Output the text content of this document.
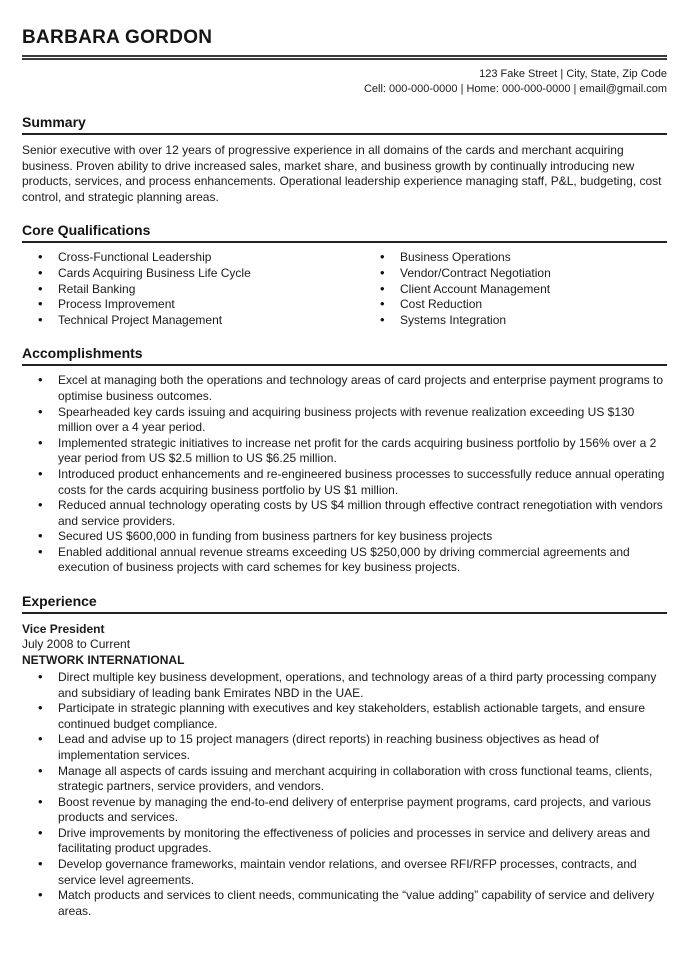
BARBARA GORDON
123 Fake Street | City, State, Zip Code
Cell: 000-000-0000 | Home: 000-000-0000 | email@gmail.com
Summary

Senior executive with over 12 years of progressive experience in all domains of the cards and merchant acquiring business. Proven ability to drive increased sales, market share, and business growth by continually introducing new products, services, and process enhancements. Operational leadership experience managing staff, P&L, budgeting, cost control, and strategic planning areas.

Core Qualifications
• Cross-Functional Leadership
• Cards Acquiring Business Life Cycle
• Retail Banking
• Process Improvement
• Technical Project Management
• Business Operations
• Vendor/Contract Negotiation
• Client Account Management
• Cost Reduction
• Systems Integration
Accomplishments
• Excel at managing both the operations and technology areas of card projects and enterprise payment programs to optimise business outcomes.
• Spearheaded key cards issuing and acquiring business projects with revenue realization exceeding US $130 million over a 4 year period.
• Implemented strategic initiatives to increase net profit for the cards acquiring business portfolio by 156% over a 2 year period from US $2.5 million to US $6.25 million.
• Introduced product enhancements and re-engineered business processes to successfully reduce annual operating costs for the cards acquiring business portfolio by US $1 million.
• Reduced annual technology operating costs by US $4 million through effective contract renegotiation with vendors and service providers.
• Secured US $600,000 in funding from business partners for key business projects
• Enabled additional annual revenue streams exceeding US $250,000 by driving commercial agreements and execution of business projects with card schemes for key business projects.
Experience
Vice President
July 2008 to Current
NETWORK INTERNATIONAL
• Direct multiple key business development, operations, and technology areas of a third party processing company and subsidiary of leading bank Emirates NBD in the UAE.
• Participate in strategic planning with executives and key stakeholders, establish actionable targets, and ensure continued budget compliance.
• Lead and advise up to 15 project managers (direct reports) in reaching business objectives as head of implementation services.
• Manage all aspects of cards issuing and merchant acquiring in collaboration with cross functional teams, clients, strategic partners, service providers, and vendors.
• Boost revenue by managing the end-to-end delivery of enterprise payment programs, card projects, and various products and services.
• Drive improvements by monitoring the effectiveness of policies and processes in service and delivery areas and facilitating product upgrades.
• Develop governance frameworks, maintain vendor relations, and oversee RFI/RFP processes, contracts, and service level agreements.
• Match products and services to client needs, communicating the “value adding” capability of service and delivery areas.
